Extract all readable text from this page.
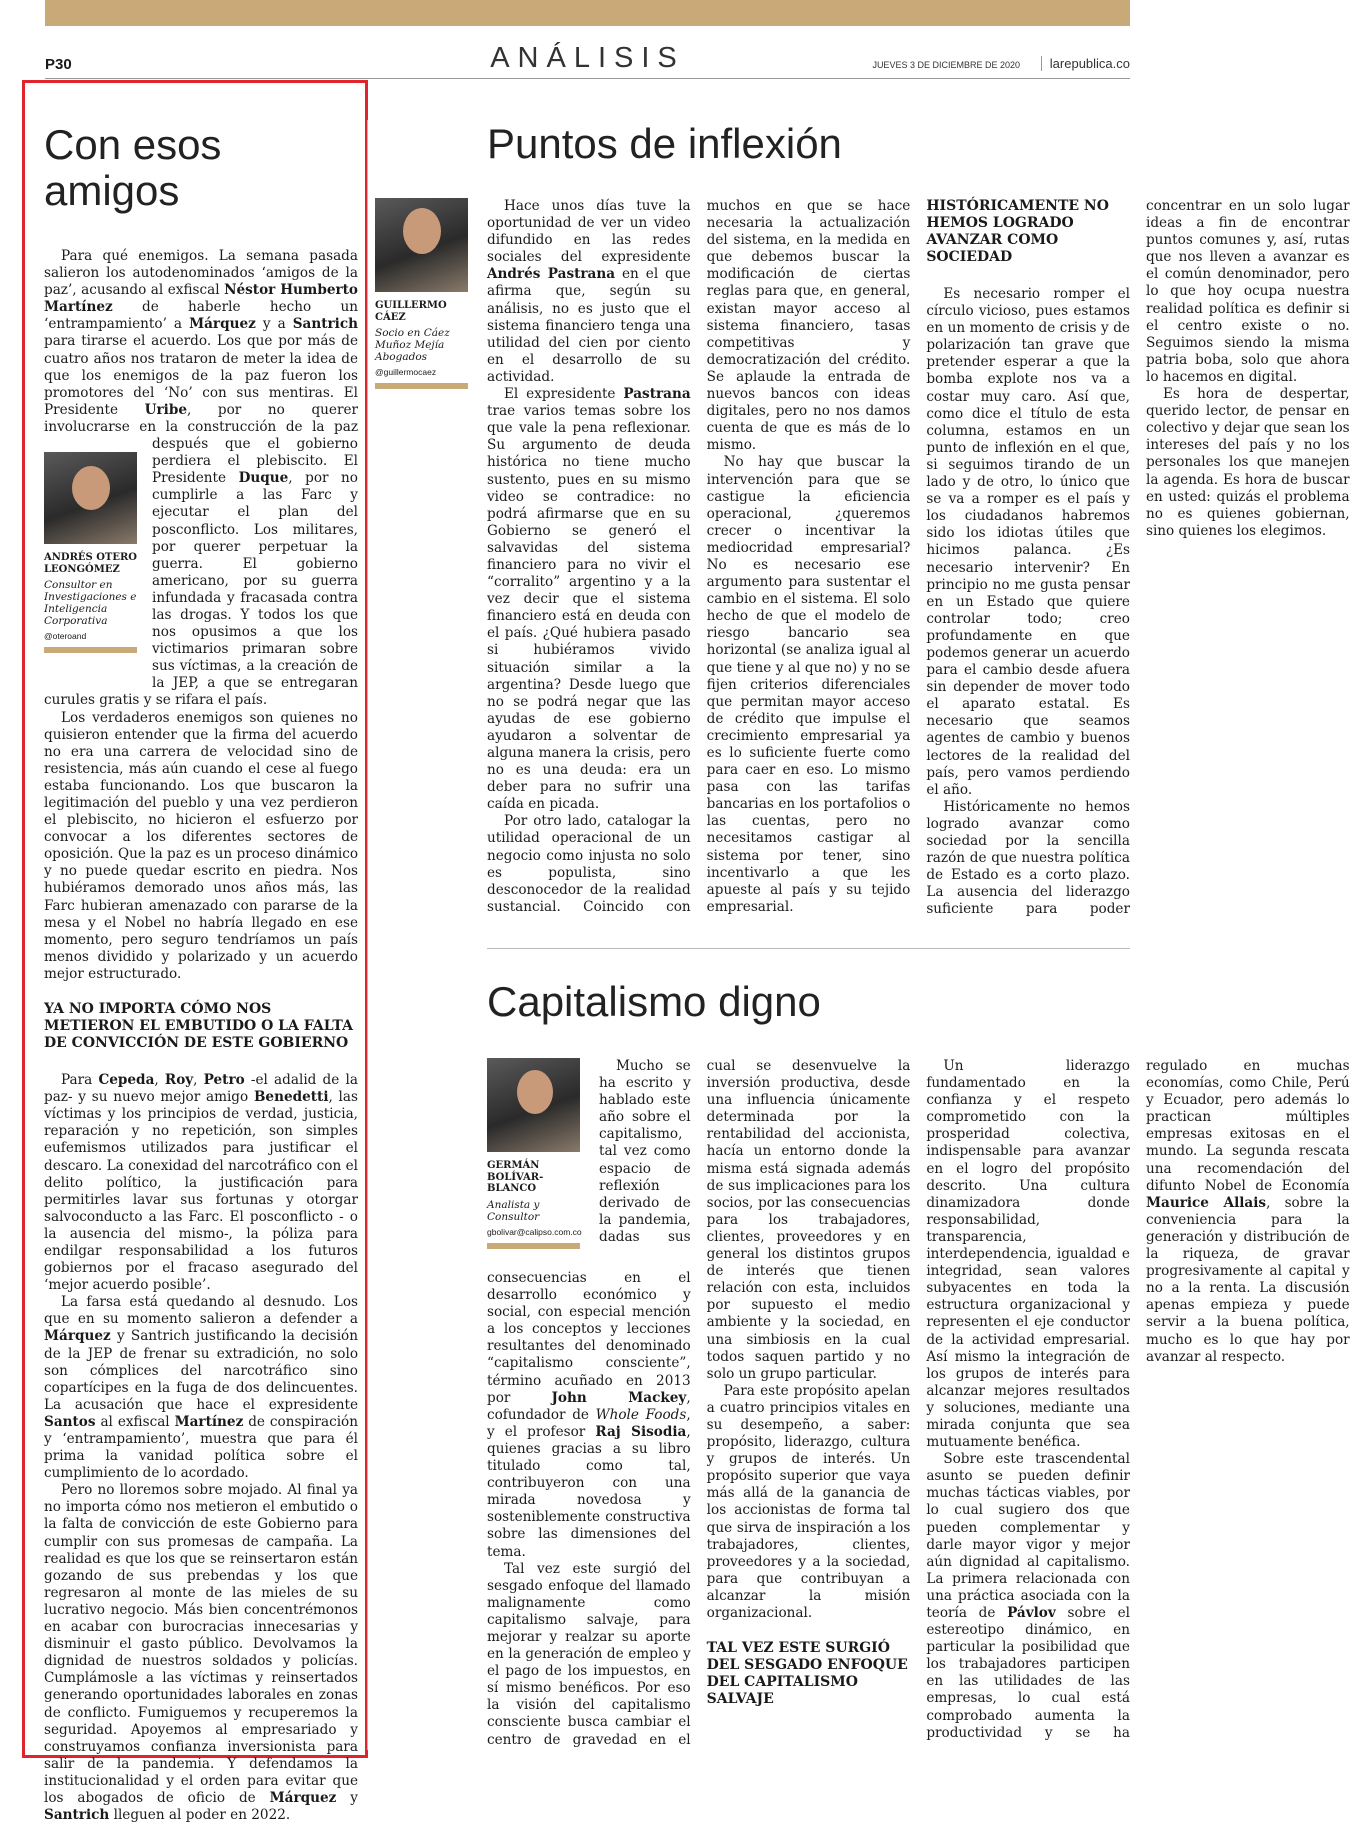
P30	ANÁLISIS	JUEVES 3 DE DICIEMBRE DE 2020	larepublica.co
Con esos
amigos
ANDRÉS OTERO
LEONGÓMEZ
Consultor en Investigaciones e Inteligencia Corporativa
@oteroand

Para qué enemigos. La semana pasada salieron los autodenominados ‘amigos de la paz’, acusando al exfiscal Néstor Humberto Martínez de haberle hecho un ‘entrampamiento’ a Márquez y a Santrich para tirarse el acuerdo. Los que por más de cuatro años nos trataron de meter la idea de que los enemigos de la paz fueron los promotores del ‘No’ con sus mentiras. El Presidente Uribe, por no querer involucrarse en la construcción de la paz después que el gobierno perdiera el plebiscito. El Presidente Duque, por no cumplirle a las Farc y ejecutar el plan del posconflicto. Los militares, por querer perpetuar la guerra. El gobierno americano, por su guerra infundada y fracasada contra las drogas. Y todos los que nos opusimos a que los victimarios primaran sobre sus víctimas, a la creación de la JEP, a que se entregaran curules gratis y se rifara el país.

Los verdaderos enemigos son quienes no quisieron entender que la firma del acuerdo no era una carrera de velocidad sino de resistencia, más aún cuando el cese al fuego estaba funcionando. Los que buscaron la legitimación del pueblo y una vez perdieron el plebiscito, no hicieron el esfuerzo por convocar a los diferentes sectores de oposición. Que la paz es un proceso dinámico y no puede quedar escrito en piedra. Nos hubiéramos demorado unos años más, las Farc hubieran amenazado con pararse de la mesa y el Nobel no habría llegado en ese momento, pero seguro tendríamos un país menos dividido y polarizado y un acuerdo mejor estructurado.

YA NO IMPORTA CÓMO NOS METIERON EL EMBUTIDO O LA FALTA DE CONVICCIÓN DE ESTE GOBIERNO

Para Cepeda, Roy, Petro -el adalid de la paz- y su nuevo mejor amigo Benedetti, las víctimas y los principios de verdad, justicia, reparación y no repetición, son simples eufemismos utilizados para justificar el descaro. La conexidad del narcotráfico con el delito político, la justificación para permitirles lavar sus fortunas y otorgar salvoconducto a las Farc. El posconflicto - o la ausencia del mismo-, la póliza para endilgar responsabilidad a los futuros gobiernos por el fracaso asegurado del ‘mejor acuerdo posible’.

La farsa está quedando al desnudo. Los que en su momento salieron a defender a Márquez y Santrich justificando la decisión de la JEP de frenar su extradición, no solo son cómplices del narcotráfico sino copartícipes en la fuga de dos delincuentes. La acusación que hace el expresidente Santos al exfiscal Martínez de conspiración y ‘entrampamiento’, muestra que para él prima la vanidad política sobre el cumplimiento de lo acordado.

Pero no lloremos sobre mojado. Al final ya no importa cómo nos metieron el embutido o la falta de convicción de este Gobierno para cumplir con sus promesas de campaña. La realidad es que los que se reinsertaron están gozando de sus prebendas y los que regresaron al monte de las mieles de su lucrativo negocio. Más bien concentrémonos en acabar con burocracias innecesarias y disminuir el gasto público. Devolvamos la dignidad de nuestros soldados y policías. Cumplámosle a las víctimas y reinsertados generando oportunidades laborales en zonas de conflicto. Fumiguemos y recuperemos la seguridad. Apoyemos al empresariado y construyamos confianza inversionista para salir de la pandemia. Y defendamos la institucionalidad y el orden para evitar que los abogados de oficio de Márquez y Santrich lleguen al poder en 2022.

Puntos de inflexión
GUILLERMO
CÁEZ
Socio en Cáez Muñoz Mejía Abogados
@guillermocaez

Hace unos días tuve la oportunidad de ver un video difundido en las redes sociales del expresidente Andrés Pastrana en el que afirma que, según su análisis, no es justo que el sistema financiero tenga una utilidad del cien por ciento en el desarrollo de su actividad.

El expresidente Pastrana trae varios temas sobre los que vale la pena reflexionar. Su argumento de deuda histórica no tiene mucho sustento, pues en su mismo video se contradice: no podrá afirmarse que en su Gobierno se generó el salvavidas del sistema financiero para no vivir el “corralito” argentino y a la vez decir que el sistema financiero está en deuda con el país. ¿Qué hubiera pasado si hubiéramos vivido situación similar a la argentina? Desde luego que no se podrá negar que las ayudas de ese gobierno ayudaron a solventar de alguna manera la crisis, pero no es una deuda: era un deber para no sufrir una caída en picada.

Por otro lado, catalogar la utilidad operacional de un negocio como injusta no solo es populista, sino desconocedor de la realidad sustancial. Coincido con muchos en que se hace necesaria la actualización del sistema, en la medida en que debemos buscar la modificación de ciertas reglas para que, en general, existan mayor acceso al sistema financiero, tasas competitivas y democratización del crédito. Se aplaude la entrada de nuevos bancos con ideas digitales, pero no nos damos cuenta de que es más de lo mismo.

No hay que buscar la intervención para que se castigue la eficiencia operacional, ¿queremos crecer o incentivar la mediocridad empresarial? No es necesario ese argumento para sustentar el cambio en el sistema. El solo hecho de que el modelo de riesgo bancario sea horizontal (se analiza igual al que tiene y al que no) y no se fijen criterios diferenciales que permitan mayor acceso de crédito que impulse el crecimiento empresarial ya es lo suficiente fuerte como para caer en eso. Lo mismo pasa con las tarifas bancarias en los portafolios o las cuentas, pero no necesitamos castigar al sistema por tener, sino incentivarlo a que les apueste al país y su tejido empresarial.

HISTÓRICAMENTE NO HEMOS LOGRADO AVANZAR COMO SOCIEDAD

Es necesario romper el círculo vicioso, pues estamos en un momento de crisis y de polarización tan grave que pretender esperar a que la bomba explote nos va a costar muy caro. Así que, como dice el título de esta columna, estamos en un punto de inflexión en el que, si seguimos tirando de un lado y de otro, lo único que se va a romper es el país y los ciudadanos habremos sido los idiotas útiles que hicimos palanca. ¿Es necesario intervenir? En principio no me gusta pensar en un Estado que quiere controlar todo; creo profundamente en que podemos generar un acuerdo para el cambio desde afuera sin depender de mover todo el aparato estatal. Es necesario que seamos agentes de cambio y buenos lectores de la realidad del país, pero vamos perdiendo el año.

Históricamente no hemos logrado avanzar como sociedad por la sencilla razón de que nuestra política de Estado es a corto plazo. La ausencia del liderazgo suficiente para poder concentrar en un solo lugar ideas a fin de encontrar puntos comunes y, así, rutas que nos lleven a avanzar es el común denominador, pero lo que hoy ocupa nuestra realidad política es definir si el centro existe o no. Seguimos siendo la misma patria boba, solo que ahora lo hacemos en digital.

Es hora de despertar, querido lector, de pensar en colectivo y dejar que sean los intereses del país y no los personales los que manejen la agenda. Es hora de buscar en usted: quizás el problema no es quienes gobiernan, sino quienes los elegimos.

Capitalismo digno
GERMÁN
BOLÍVAR-
BLANCO
Analista y Consultor
gbolivar@calipso.com.co

Mucho se ha escrito y hablado este año sobre el capitalismo, tal vez como espacio de reflexión derivado de la pandemia, dadas sus consecuencias en el desarrollo económico y social, con especial mención a los conceptos y lecciones resultantes del denominado “capitalismo consciente”, término acuñado en 2013 por John Mackey, cofundador de Whole Foods, y el profesor Raj Sisodia, quienes gracias a su libro titulado como tal, contribuyeron con una mirada novedosa y sosteniblemente constructiva sobre las dimensiones del tema.

Tal vez este surgió del sesgado enfoque del llamado malignamente como capitalismo salvaje, para mejorar y realzar su aporte en la generación de empleo y el pago de los impuestos, en sí mismo benéficos. Por eso la visión del capitalismo consciente busca cambiar el centro de gravedad en el cual se desenvuelve la inversión productiva, desde una influencia únicamente determinada por la rentabilidad del accionista, hacía un entorno donde la misma está signada además de sus implicaciones para los socios, por las consecuencias para los trabajadores, clientes, proveedores y en general los distintos grupos de interés que tienen relación con esta, incluidos por supuesto el medio ambiente y la sociedad, en una simbiosis en la cual todos saquen partido y no solo un grupo particular.

Para este propósito apelan a cuatro principios vitales en su desempeño, a saber: propósito, liderazgo, cultura y grupos de interés. Un propósito superior que vaya más allá de la ganancia de los accionistas de forma tal que sirva de inspiración a los trabajadores, clientes, proveedores y a la sociedad, para que contribuyan a alcanzar la misión organizacional.

TAL VEZ ESTE SURGIÓ DEL SESGADO ENFOQUE DEL CAPITALISMO SALVAJE

Un liderazgo fundamentado en la confianza y el respeto comprometido con la prosperidad colectiva, indispensable para avanzar en el logro del propósito descrito. Una cultura dinamizadora donde responsabilidad, transparencia, interdependencia, igualdad e integridad, sean valores subyacentes en toda la estructura organizacional y representen el eje conductor de la actividad empresarial. Así mismo la integración de los grupos de interés para alcanzar mejores resultados y soluciones, mediante una mirada conjunta que sea mutuamente benéfica.

Sobre este trascendental asunto se pueden definir muchas tácticas viables, por lo cual sugiero dos que pueden complementar y darle mayor vigor y mejor aún dignidad al capitalismo. La primera relacionada con una práctica asociada con la teoría de Pávlov sobre el estereotipo dinámico, en particular la posibilidad que los trabajadores participen en las utilidades de las empresas, lo cual está comprobado aumenta la productividad y se ha regulado en muchas economías, como Chile, Perú y Ecuador, pero además lo practican múltiples empresas exitosas en el mundo. La segunda rescata una recomendación del difunto Nobel de Economía Maurice Allais, sobre la conveniencia para la generación y distribución de la riqueza, de gravar progresivamente al capital y no a la renta. La discusión apenas empieza y puede servir a la buena política, mucho es lo que hay por avanzar al respecto.
